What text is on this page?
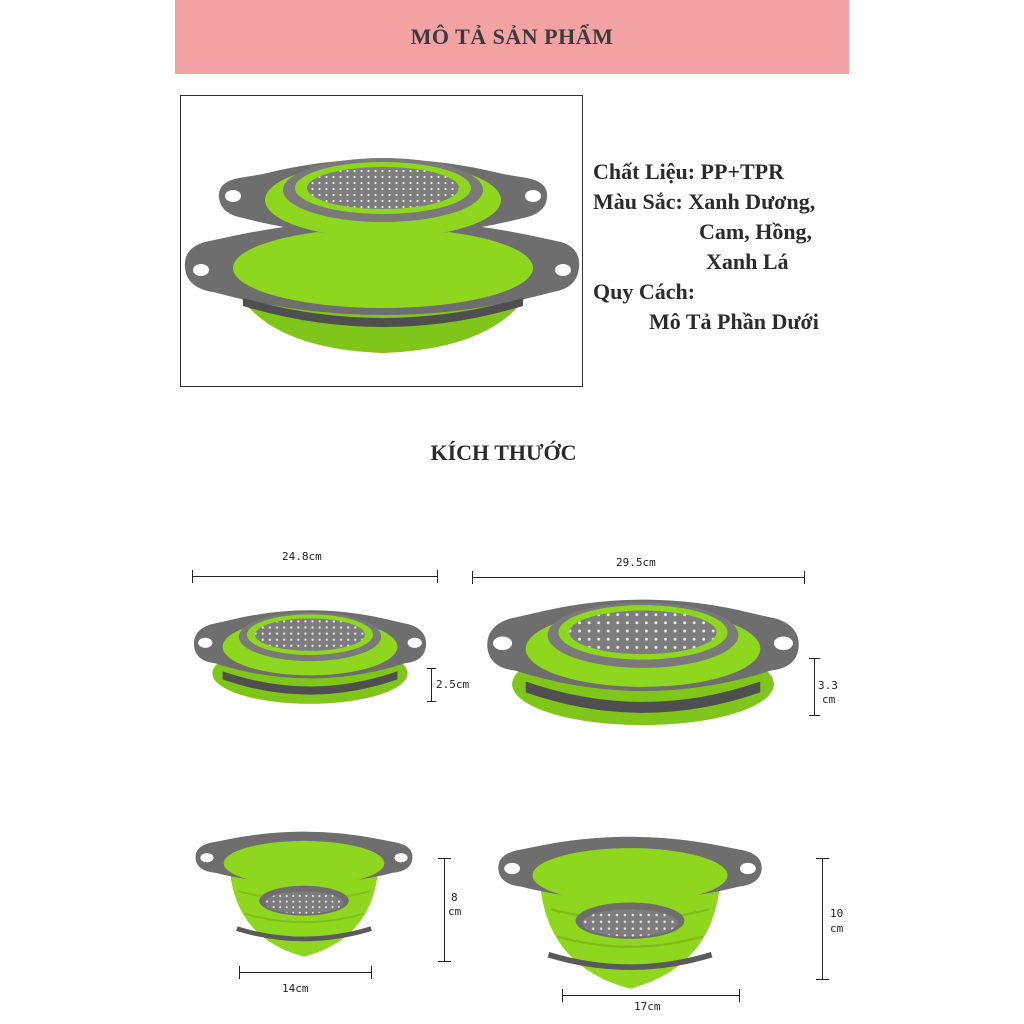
MÔ TẢ SẢN PHẨM
Chất Liệu: PP+TPR
Màu Sắc: Xanh Dương,
Cam, Hồng,
Xanh Lá
Quy Cách:
Mô Tả Phần Dưới
KÍCH THƯỚC
24.8cm
2.5cm
29.5cm
3.3
cm
8
cm
14cm
10
cm
17cm
